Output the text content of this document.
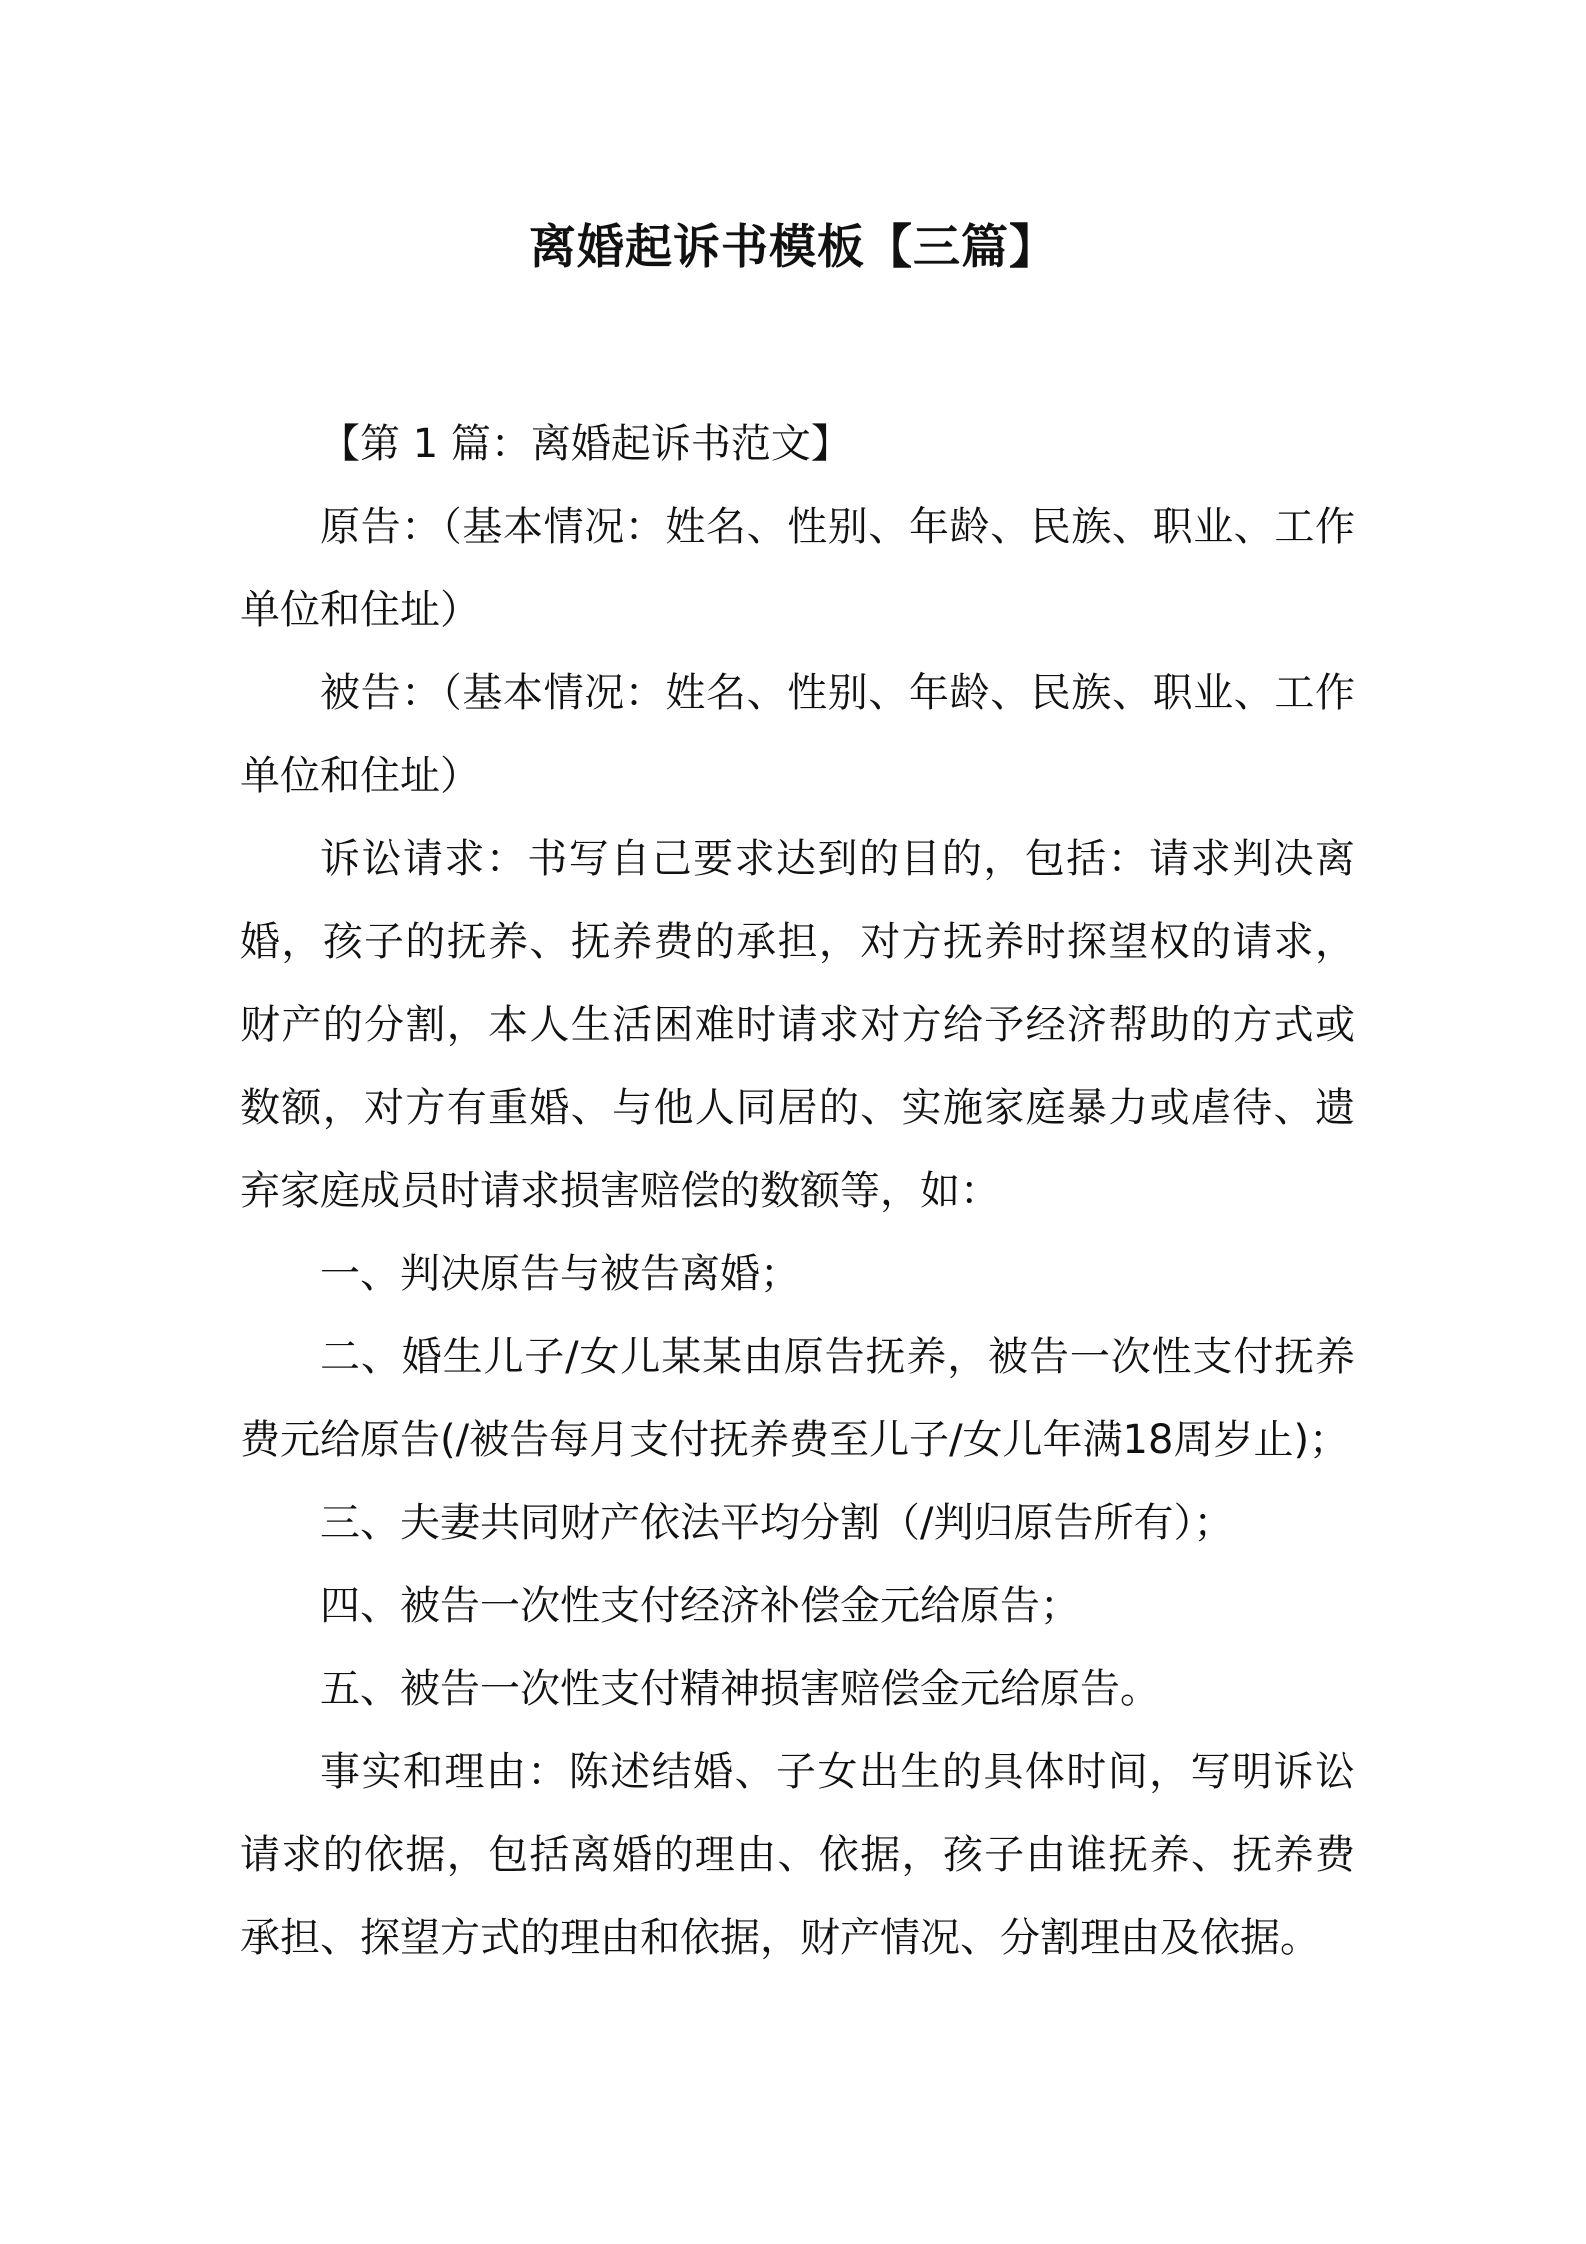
离婚起诉书模板【三篇】

【第 1 篇：离婚起诉书范文】

原告：（基本情况：姓名、性别、年龄、民族、职业、工作单位和住址）

被告：（基本情况：姓名、性别、年龄、民族、职业、工作单位和住址）

诉讼请求：书写自己要求达到的目的，包括：请求判决离婚，孩子的抚养、抚养费的承担，对方抚养时探望权的请求，财产的分割，本人生活困难时请求对方给予经济帮助的方式或数额，对方有重婚、与他人同居的、实施家庭暴力或虐待、遗弃家庭成员时请求损害赔偿的数额等，如：

一、判决原告与被告离婚；

二、婚生儿子/女儿某某由原告抚养，被告一次性支付抚养费元给原告(/被告每月支付抚养费至儿子/女儿年满18周岁止)；

三、夫妻共同财产依法平均分割（/判归原告所有）；

四、被告一次性支付经济补偿金元给原告；

五、被告一次性支付精神损害赔偿金元给原告。

事实和理由：陈述结婚、子女出生的具体时间，写明诉讼请求的依据，包括离婚的理由、依据，孩子由谁抚养、抚养费承担、探望方式的理由和依据，财产情况、分割理由及依据。
